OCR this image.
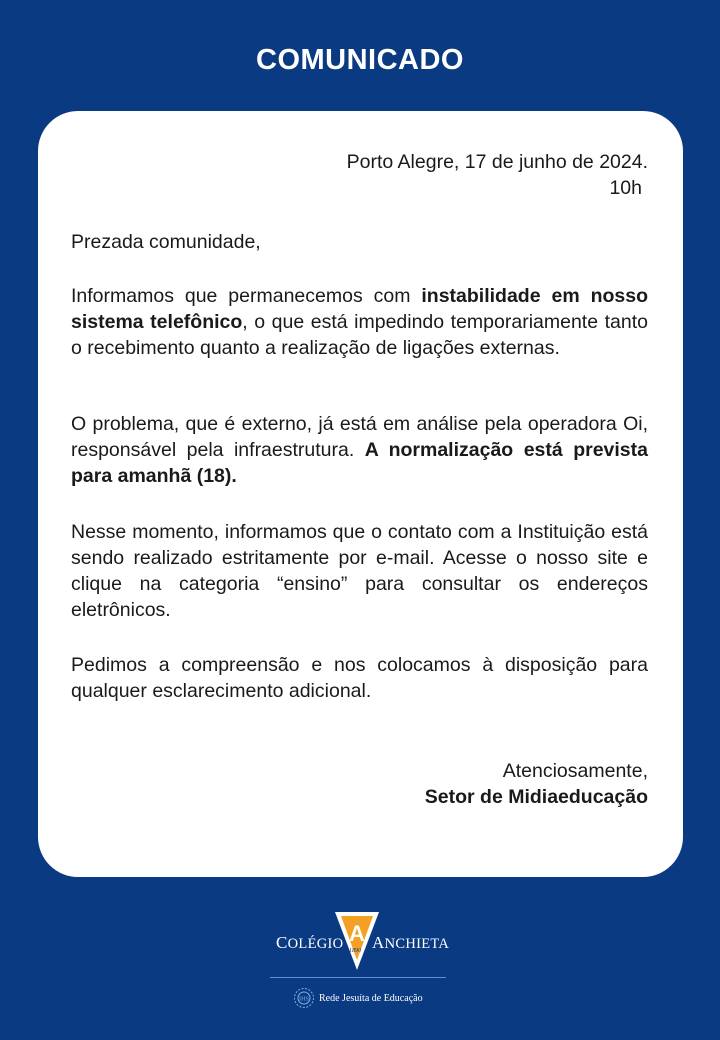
COMUNICADO
Porto Alegre, 17 de junho de 2024.
10h
Prezada comunidade,
Informamos que permanecemos com instabilidade em nosso sistema telefônico, o que está impedindo temporariamente tanto o recebimento quanto a realização de ligações externas.
O problema, que é externo, já está em análise pela operadora Oi, responsável pela infraestrutura. A normalização está prevista para amanhã (18).
Nesse momento, informamos que o contato com a Instituição está sendo realizado estritamente por e-mail. Acesse o nosso site e clique na categoria “ensino” para consultar os endereços eletrônicos.
Pedimos a compreensão e nos colocamos à disposição para qualquer esclarecimento adicional.
Atenciosamente,
Setor de Midiaeducação
A
COLÉGIO ANCHIETA
1890
IHS Rede Jesuíta de Educação
